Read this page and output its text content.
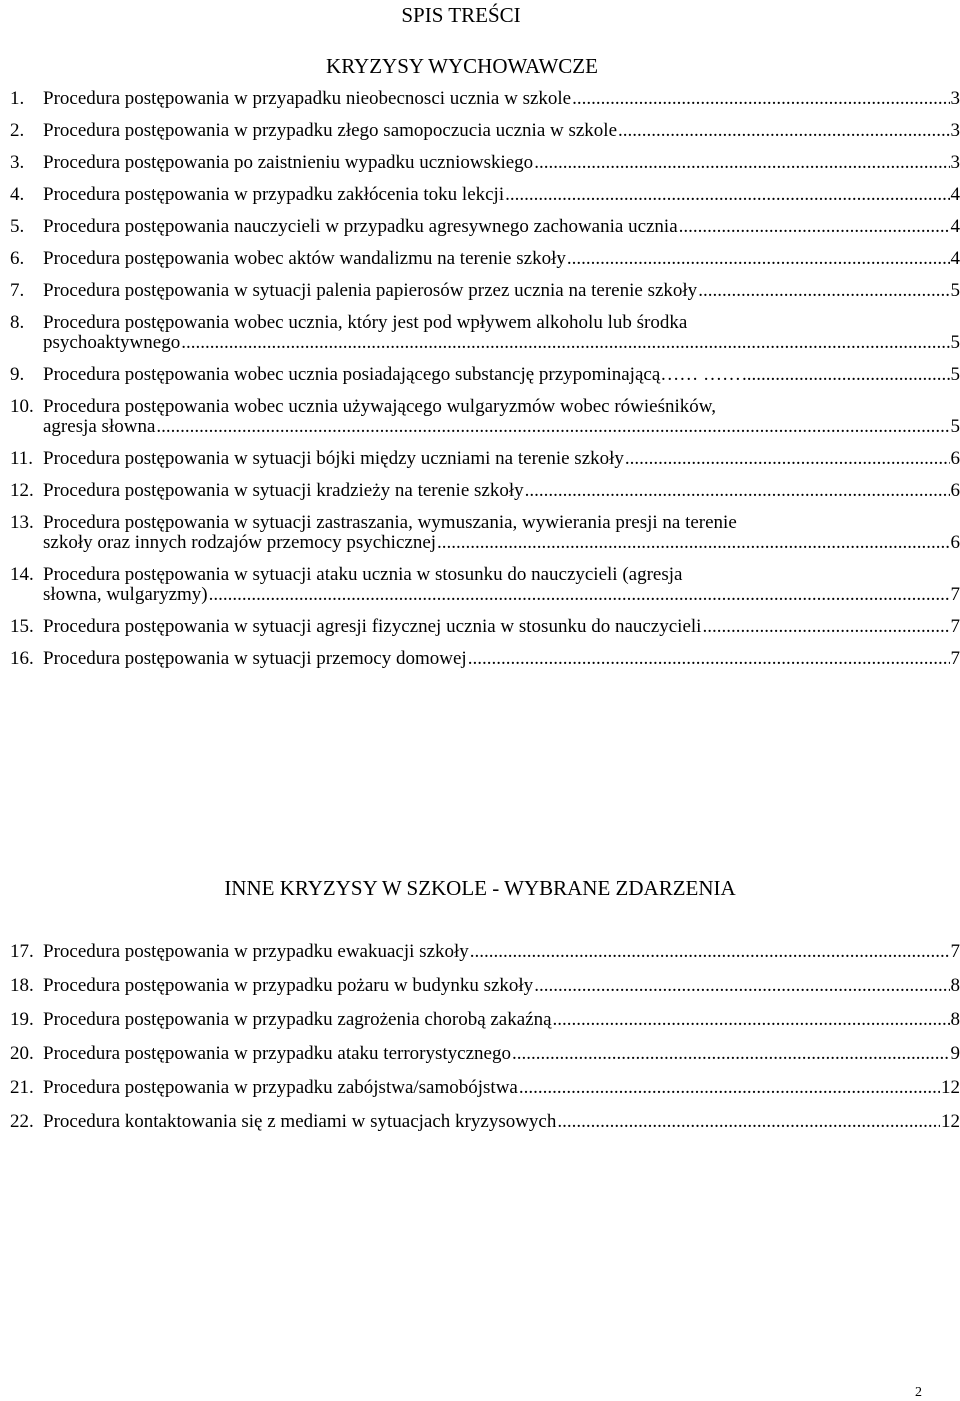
SPIS TREŚCI
KRYZYSY WYCHOWAWCZE
1. Procedura postępowania w przyapadku nieobecnosci ucznia w szkole .....	3
2. Procedura postępowania w przypadku złego samopoczucia ucznia w szkole .....	3
3. Procedura postępowania po zaistnieniu wypadku uczniowskiego .....	3
4. Procedura postępowania w przypadku zakłócenia toku lekcji .....	4
5. Procedura postępowania nauczycieli w przypadku agresywnego zachowania ucznia .....	4
6. Procedura postępowania wobec aktów wandalizmu na terenie szkoły .....	4
7. Procedura postępowania w sytuacji palenia papierosów przez ucznia na terenie szkoły .....	5
8. Procedura postępowania wobec ucznia, który jest pod wpływem alkoholu lub środka
psychoaktywnego .....	5
9. Procedura postępowania wobec ucznia posiadającego substancję przypominającą…… …… .....	5
10. Procedura postępowania wobec ucznia używającego wulgaryzmów wobec rówieśników,
agresja słowna .....	5
11. Procedura postępowania w sytuacji bójki między uczniami na terenie szkoły .....	6
12. Procedura postępowania w sytuacji kradzieży na terenie szkoły .....	6
13. Procedura postępowania w sytuacji zastraszania, wymuszania, wywierania presji na terenie
szkoły oraz innych rodzajów przemocy psychicznej .....	6
14. Procedura postępowania w sytuacji ataku ucznia w stosunku do nauczycieli (agresja
słowna, wulgaryzmy) .....	7
15. Procedura postępowania w sytuacji agresji fizycznej ucznia w stosunku do nauczycieli .....	7
16. Procedura postępowania w sytuacji przemocy domowej .....	7
INNE KRYZYSY W SZKOLE - WYBRANE ZDARZENIA
17. Procedura postępowania w przypadku ewakuacji szkoły .....	7
18. Procedura postępowania w przypadku pożaru w budynku szkoły .....	8
19. Procedura postępowania w przypadku zagrożenia chorobą zakaźną .....	8
20. Procedura postępowania w przypadku ataku terrorystycznego .....	9
21. Procedura postępowania w przypadku zabójstwa/samobójstwa .....	12
22. Procedura kontaktowania się z mediami w sytuacjach kryzysowych .....	12
2
